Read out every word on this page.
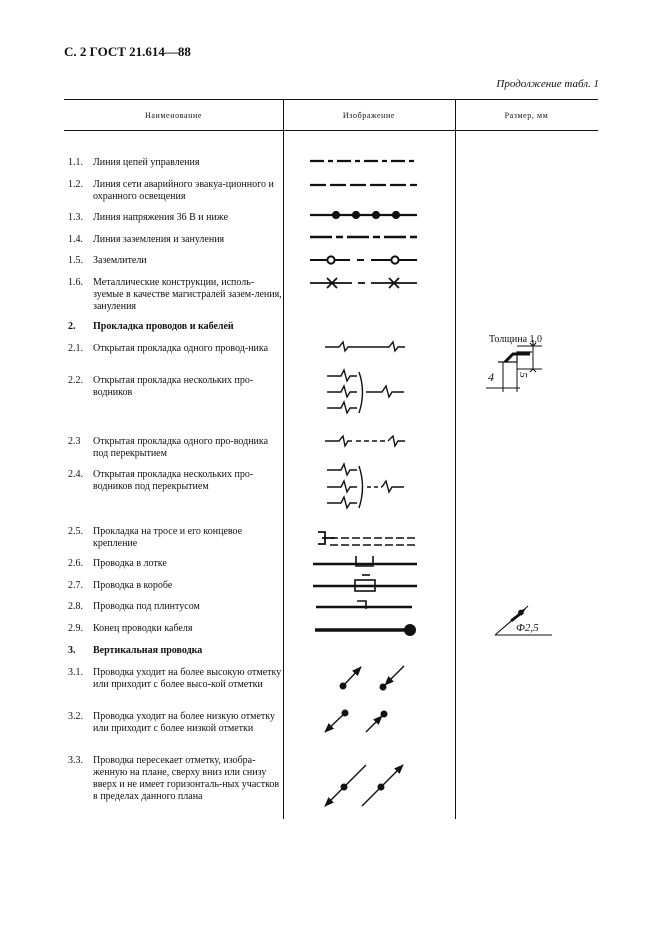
С. 2 ГОСТ 21.614—88
Продолжение табл. 1
Наименование	Изображение	Размер, мм
1.1. Линия цепей управления
1.2. Линия сети аварийного эвакуа-ционного и охранного освещения
1.3. Линия напряжения 36 В и ниже
1.4. Линия заземления и зануления
1.5. Заземлители
1.6. Металлические конструкции, исполь-зуемые в качестве магистралей зазем-ления, зануления
2. Прокладка проводов и кабелей
2.1. Открытая прокладка одного провод-ника
2.2. Открытая прокладка нескольких про-водников
2.3 Открытая прокладка одного про-водника под перекрытием
2.4. Открытая прокладка нескольких про-водников под перекрытием
2.5. Прокладка на тросе и его концевое крепление
2.6. Проводка в лотке
2.7. Проводка в коробе
2.8. Проводка под плинтусом
2.9. Конец проводки кабеля
3. Вертикальная проводка
3.1. Проводка уходит на более высокую отметку или приходит с более высо-кой отметки
3.2. Проводка уходит на более низкую отметку или приходит с более низкой отметки
3.3. Проводка пересекает отметку, изобра-женную на плане, сверху вниз или снизу вверх и не имеет горизонталь-ных участков в пределах данного плана
Толщина 1,0
4 5
Ф2,5
